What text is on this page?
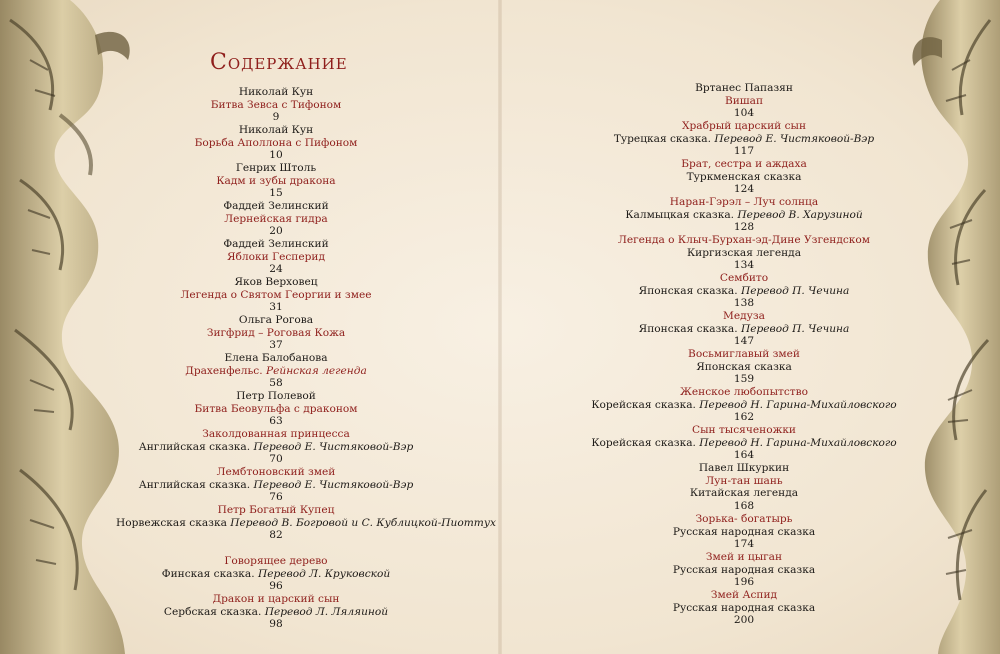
Содержание
Николай Кун
Битва Зевса с Тифоном
9
Николай Кун
Борьба Аполлона с Пифоном
10
Генрих Штоль
Кадм и зубы дракона
15
Фаддей Зелинский
Лернейская гидра
20
Фаддей Зелинский
Яблоки Гесперид
24
Яков Верховец
Легенда о Святом Георгии и змее
31
Ольга Рогова
Зигфрид – Роговая Кожа
37
Елена Балобанова
Драхенфельс. Рейнская легенда
58
Петр Полевой
Битва Беовульфа с драконом
63
Заколдованная принцесса
Английская сказка. Перевод Е. Чистяковой-Вэр
70
Лембтоновский змей
Английская сказка. Перевод Е. Чистяковой-Вэр
76
Петр Богатый Купец
Норвежская сказка Перевод В. Богровой и С. Кублицкой-Пиоттух
82
Говорящее дерево
Финская сказка. Перевод Л. Круковской
96
Дракон и царский сын
Сербская сказка. Перевод Л. Ляляиной
98
Вртанес Папазян
Вишап
104
Храбрый царский сын
Турецкая сказка. Перевод Е. Чистяковой-Вэр
117
Брат, сестра и аждаха
Туркменская сказка
124
Наран-Гэрэл – Луч солнца
Калмыцкая сказка. Перевод В. Харузиной
128
Легенда о Клыч-Бурхан-эд-Дине Узгендском
Киргизская легенда
134
Сембито
Японская сказка. Перевод П. Чечина
138
Медуза
Японская сказка. Перевод П. Чечина
147
Восьмиглавый змей
Японская сказка
159
Женское любопытство
Корейская сказка. Перевод Н. Гарина-Михайловского
162
Сын тысяченожки
Корейская сказка. Перевод Н. Гарина-Михайловского
164
Павел Шкуркин
Лун-тан шань
Китайская легенда
168
Зорька- богатырь
Русская народная сказка
174
Змей и цыган
Русская народная сказка
196
Змей Аспид
Русская народная сказка
200
